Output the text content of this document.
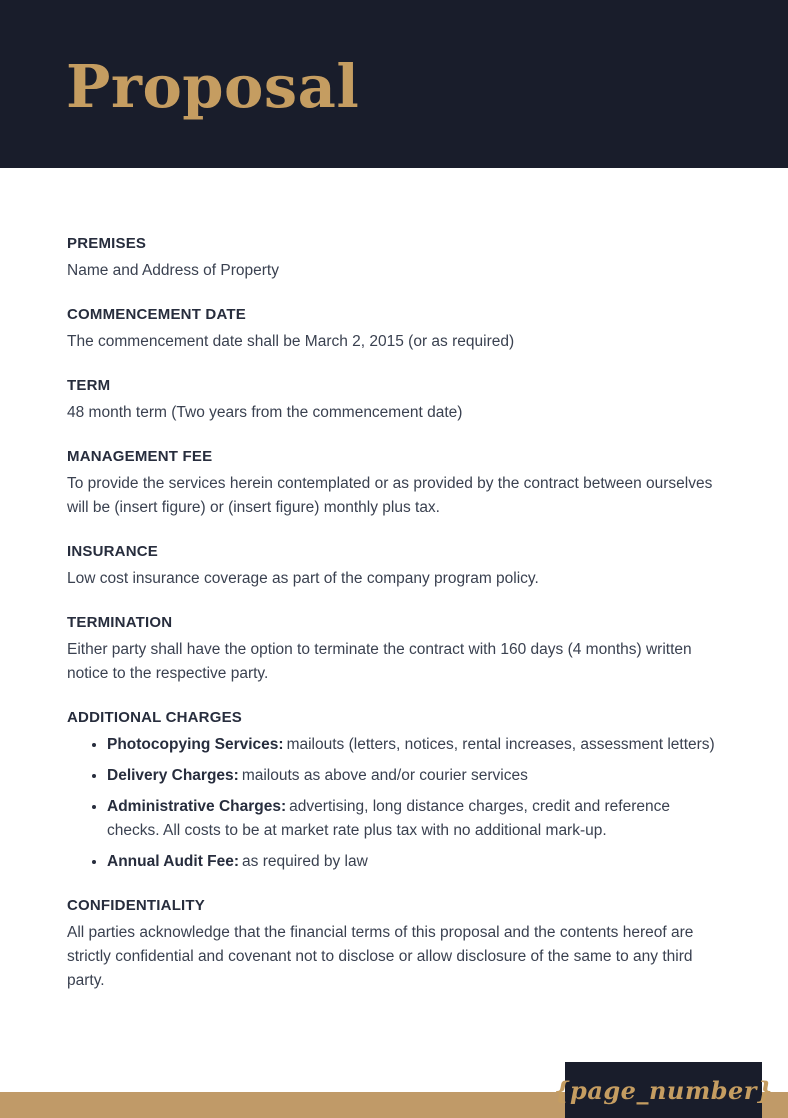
Proposal
PREMISES

Name and Address of Property

COMMENCEMENT DATE

The commencement date shall be March 2, 2015 (or as required)

TERM

48 month term (Two years from the commencement date)

MANAGEMENT FEE

To provide the services herein contemplated or as provided by the contract between ourselves will be (insert figure) or (insert figure) monthly plus tax.

INSURANCE

Low cost insurance coverage as part of the company program policy.

TERMINATION

Either party shall have the option to terminate the contract with 160 days (4 months) written notice to the respective party.

ADDITIONAL CHARGES
• Photocopying Services: mailouts (letters, notices, rental increases, assessment letters)
• Delivery Charges: mailouts as above and/or courier services
• Administrative Charges: advertising, long distance charges, credit and reference checks. All costs to be at market rate plus tax with no additional mark-up.
• Annual Audit Fee: as required by law
CONFIDENTIALITY

All parties acknowledge that the financial terms of this proposal and the contents hereof are strictly confidential and covenant not to disclose or allow disclosure of the same to any third party.

{page_number}
